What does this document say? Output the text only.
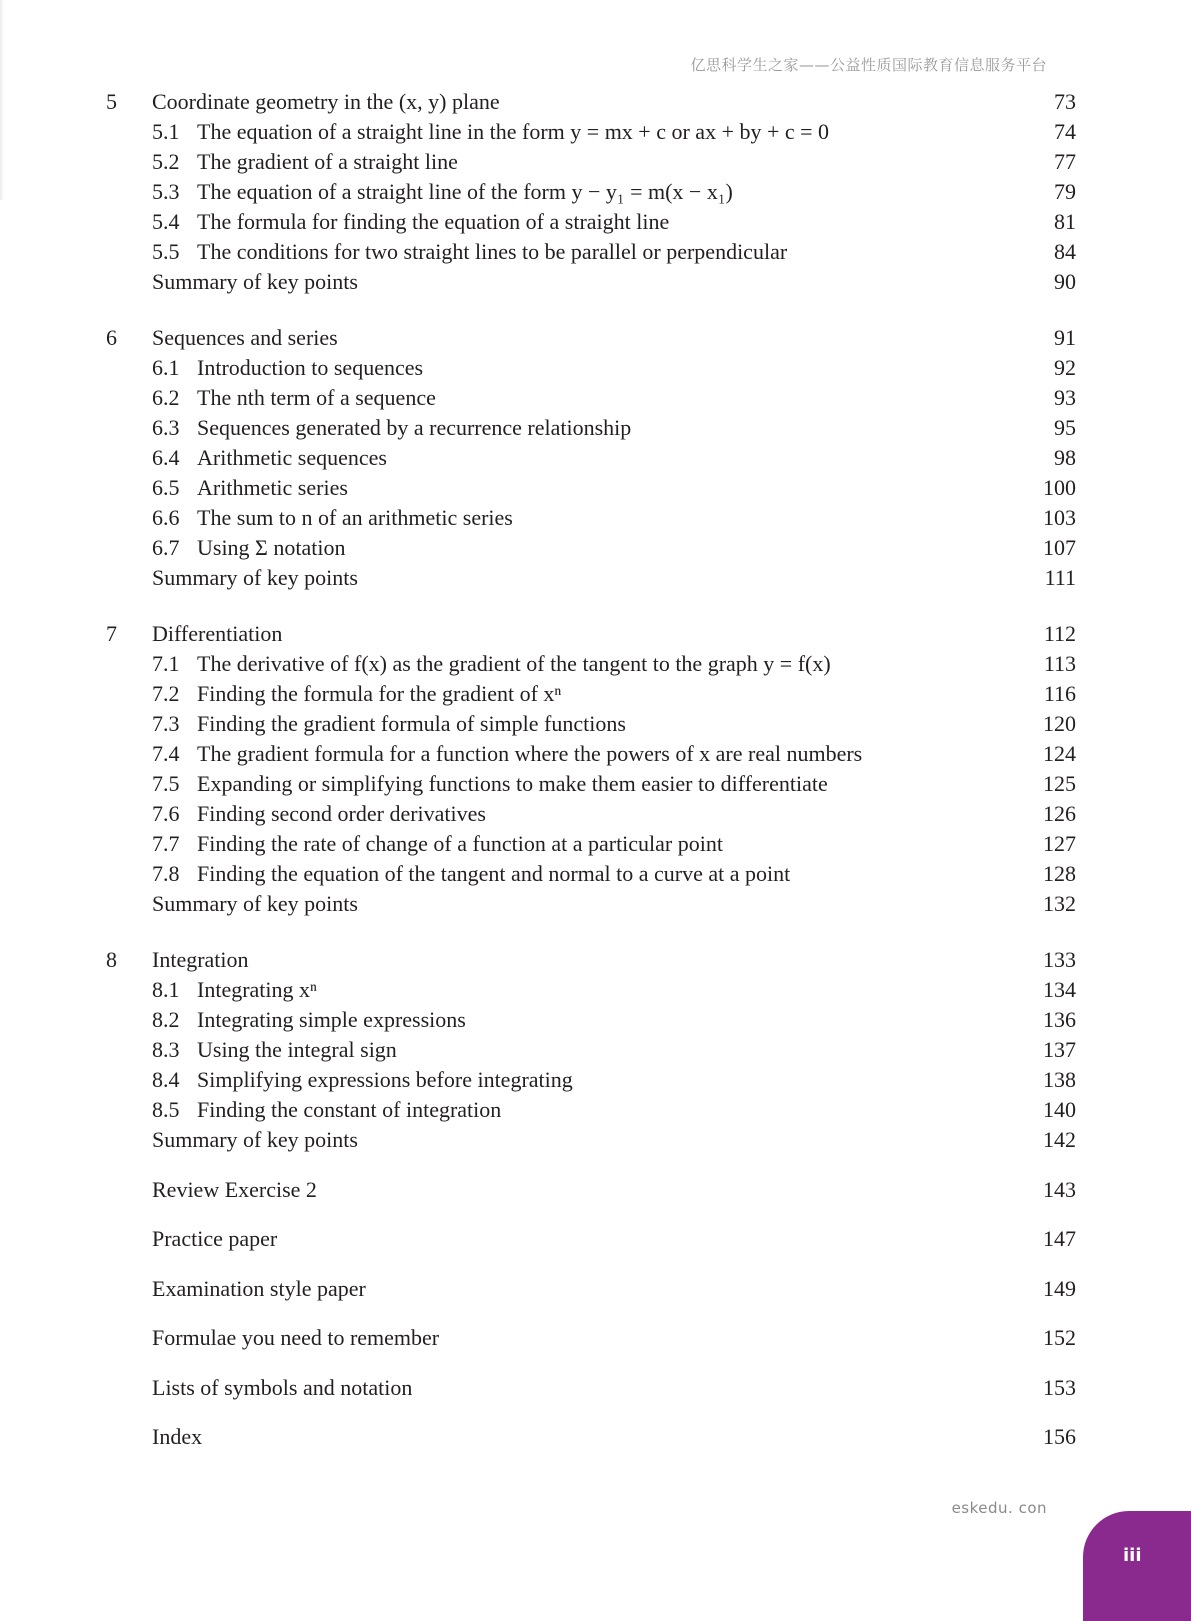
亿思科学生之家——公益性质国际教育信息服务平台
5 Coordinate geometry in the (x, y) plane	73
5.1 The equation of a straight line in the form y = mx + c or ax + by + c = 0	74
5.2 The gradient of a straight line	77
5.3 The equation of a straight line of the form y − y₁ = m(x − x₁)	79
5.4 The formula for finding the equation of a straight line	81
5.5 The conditions for two straight lines to be parallel or perpendicular	84
Summary of key points	90
6 Sequences and series	91
6.1 Introduction to sequences	92
6.2 The nth term of a sequence	93
6.3 Sequences generated by a recurrence relationship	95
6.4 Arithmetic sequences	98
6.5 Arithmetic series	100
6.6 The sum to n of an arithmetic series	103
6.7 Using Σ notation	107
Summary of key points	111
7 Differentiation	112
7.1 The derivative of f(x) as the gradient of the tangent to the graph y = f(x)	113
7.2 Finding the formula for the gradient of xⁿ	116
7.3 Finding the gradient formula of simple functions	120
7.4 The gradient formula for a function where the powers of x are real numbers	124
7.5 Expanding or simplifying functions to make them easier to differentiate	125
7.6 Finding second order derivatives	126
7.7 Finding the rate of change of a function at a particular point	127
7.8 Finding the equation of the tangent and normal to a curve at a point	128
Summary of key points	132
8 Integration	133
8.1 Integrating xⁿ	134
8.2 Integrating simple expressions	136
8.3 Using the integral sign	137
8.4 Simplifying expressions before integrating	138
8.5 Finding the constant of integration	140
Summary of key points	142
Review Exercise 2	143
Practice paper	147
Examination style paper	149
Formulae you need to remember	152
Lists of symbols and notation	153
Index	156
eskedu. con
iii
